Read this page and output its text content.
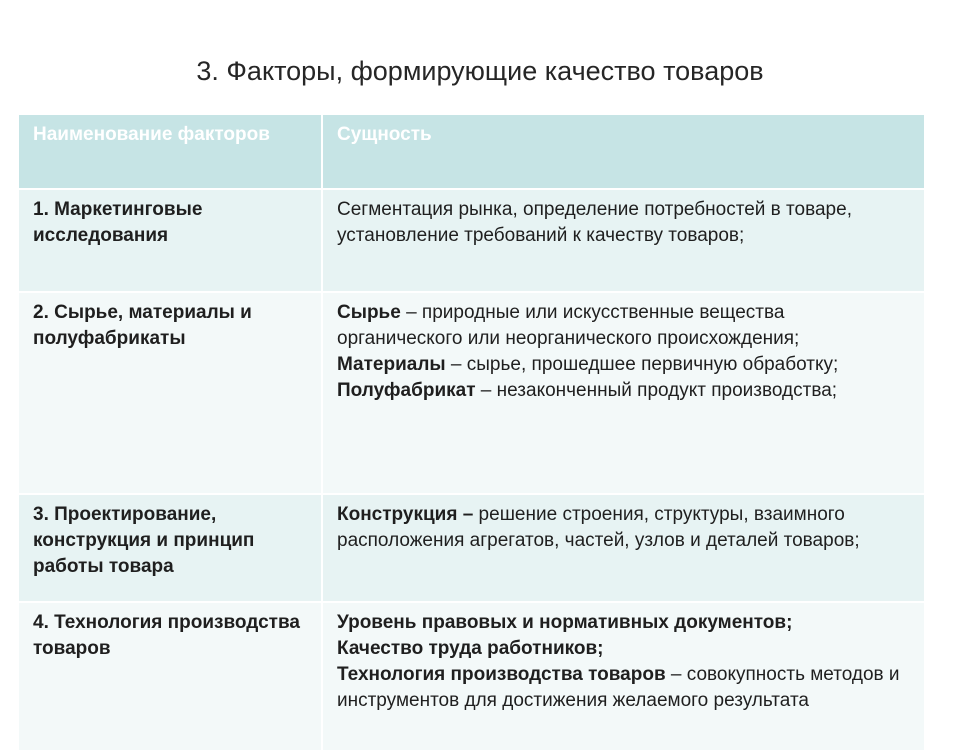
3. Факторы, формирующие качество товаров
Наименование факторов	Сущность
1. Маркетинговые исследования	Сегментация рынка, определение потребностей в товаре, установление требований к качеству товаров;

2. Сырье, материалы и полуфабрикаты	Сырье – природные или искусственные вещества органического или неорганического происхождения;
Материалы – сырье, прошедшее первичную обработку;
Полуфабрикат – незаконченный продукт производства;

3. Проектирование, конструкция и принцип работы товара	Конструкция – решение строения, структуры, взаимного расположения агрегатов, частей, узлов и деталей товаров;

4. Технология производства товаров	Уровень правовых и нормативных документов;
Качество труда работников;
Технология производства товаров – совокупность методов и инструментов для достижения желаемого результата
